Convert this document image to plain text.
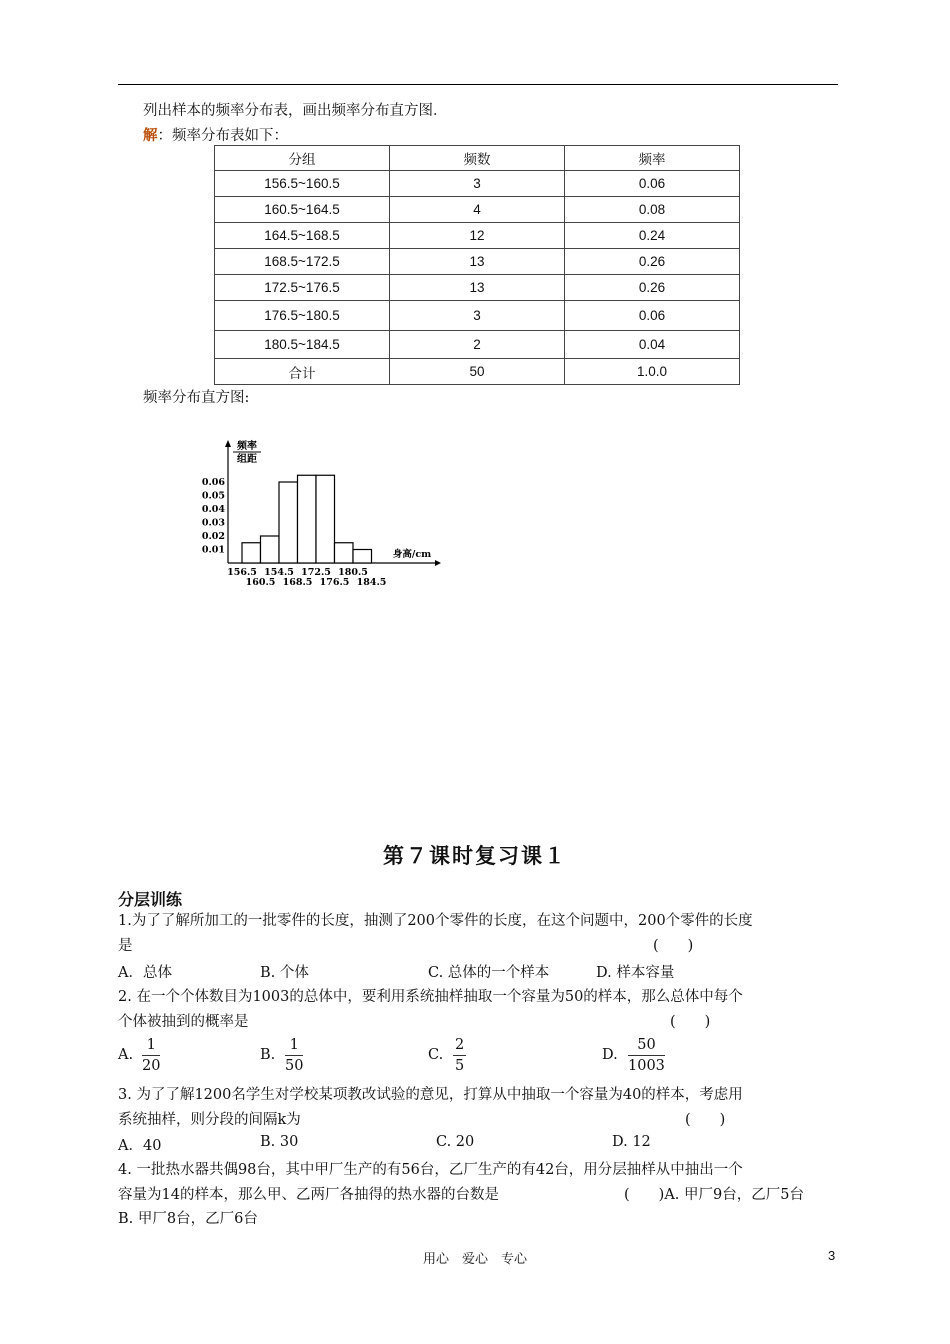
列出样本的频率分布表，画出频率分布直方图．
解：频率分布表如下：
分组	频数	频率
156.5~160.5	3	0.06
160.5~164.5	4	0.08
164.5~168.5	12	0.24
168.5~172.5	13	0.26
172.5~176.5	13	0.26
176.5~180.5	3	0.06
180.5~184.5	2	0.04
合计	50	1.0.0
频率分布直方图:
频率
组距
0.01
0.02
0.03
0.04
0.05
0.06
156.5 154.5 172.5 180.5
160.5 168.5 176.5 184.5
身高/cm
第７课时复习课１
分层训练
1.为了了解所加工的一批零件的长度，抽测了200个零件的长度，在这个问题中，200个零件的长度
是	(　　)
A．总体	B. 个体	C. 总体的一个样本	D. 样本容量
2. 在一个个体数目为1003的总体中，要利用系统抽样抽取一个容量为50的样本，那么总体中每个
个体被抽到的概率是	(　　)
A. $\frac{1}{20}$	B. $\frac{1}{50}$	C. $\frac{2}{5}$	D. $\frac{50}{1003}$
3. 为了了解1200名学生对学校某项教改试验的意见，打算从中抽取一个容量为40的样本，考虑用
系统抽样，则分段的间隔k为	(　　)
A．40	B. 30	C. 20	D. 12
4. 一批热水器共偶98台，其中甲厂生产的有56台，乙厂生产的有42台，用分层抽样从中抽出一个
容量为14的样本，那么甲、乙两厂各抽得的热水器的台数是
B. 甲厂8台，乙厂6台
(　　)A. 甲厂9台，乙厂5台
用心　爱心　专心	3
